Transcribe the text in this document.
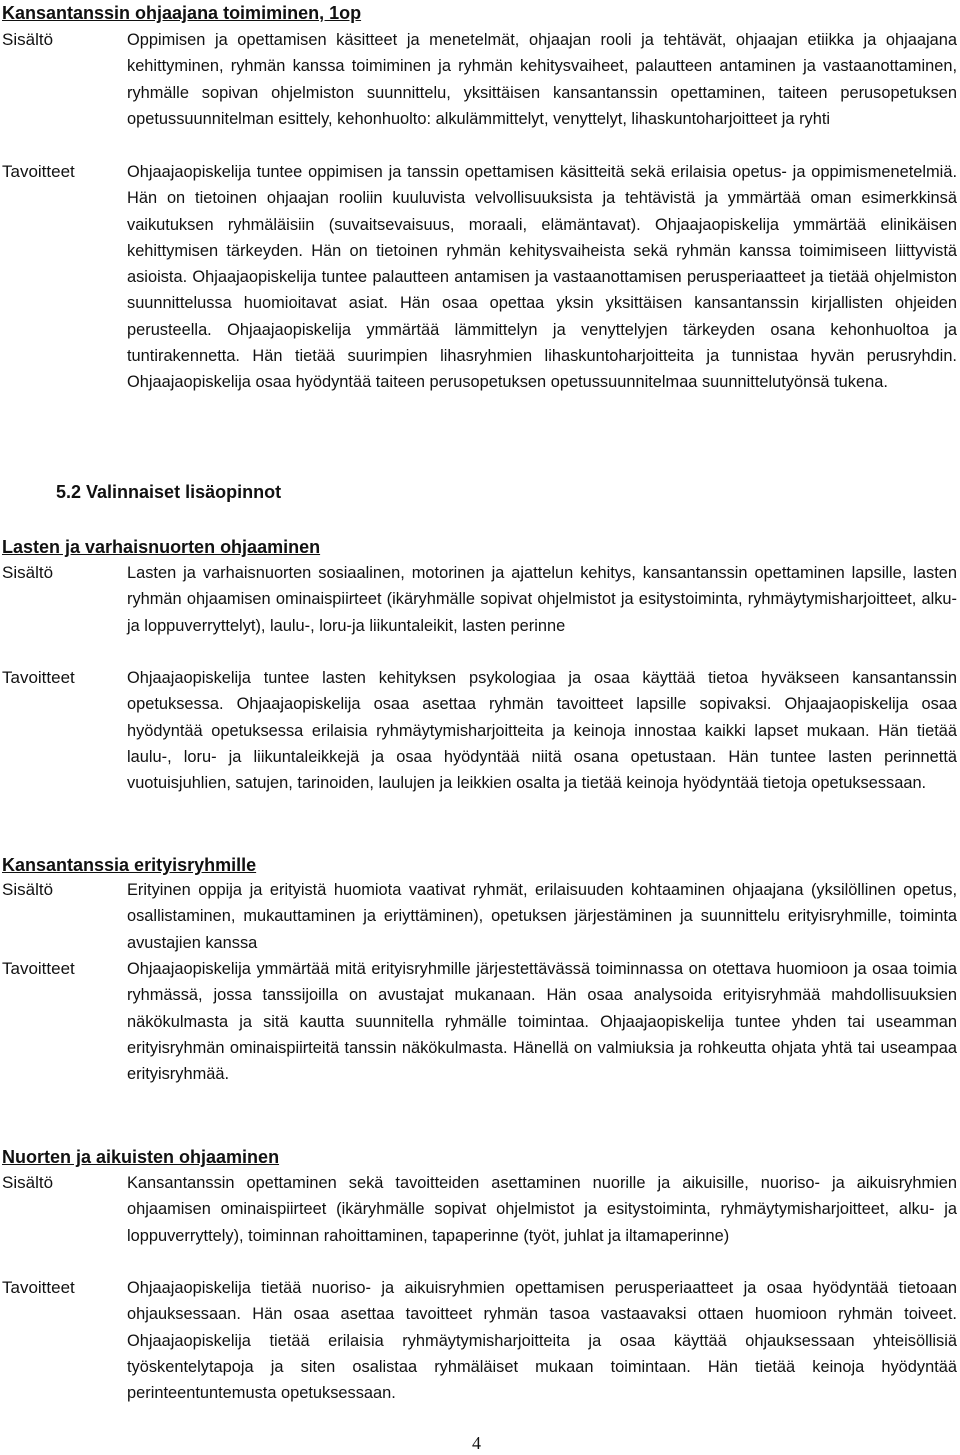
Kansantanssin ohjaajana toimiminen, 1op
Sisältö	Oppimisen ja opettamisen käsitteet ja menetelmät, ohjaajan rooli ja tehtävät, ohjaajan etiikka ja ohjaajana kehittyminen, ryhmän kanssa toimiminen ja ryhmän kehitysvaiheet, palautteen antaminen ja vastaanottaminen, ryhmälle sopivan ohjelmiston suunnittelu, yksittäisen kansantanssin opettaminen, taiteen perusopetuksen opetussuunnitelman esittely, kehonhuolto: alkulämmittelyt, venyttelyt, lihaskuntoharjoitteet ja ryhti
Tavoitteet	Ohjaajaopiskelija tuntee oppimisen ja tanssin opettamisen käsitteitä sekä erilaisia opetus- ja oppimismenetelmiä. Hän on tietoinen ohjaajan rooliin kuuluvista velvollisuuksista ja tehtävistä ja ymmärtää oman esimerkkinsä vaikutuksen ryhmäläisiin (suvaitsevaisuus, moraali, elämäntavat). Ohjaajaopiskelija ymmärtää elinikäisen kehittymisen tärkeyden. Hän on tietoinen ryhmän kehitysvaiheista sekä ryhmän kanssa toimimiseen liittyvistä asioista. Ohjaajaopiskelija tuntee palautteen antamisen ja vastaanottamisen perusperiaatteet ja tietää ohjelmiston suunnittelussa huomioitavat asiat. Hän osaa opettaa yksin yksittäisen kansantanssin kirjallisten ohjeiden perusteella. Ohjaajaopiskelija ymmärtää lämmittelyn ja venyttelyjen tärkeyden osana kehonhuoltoa ja tuntirakennetta. Hän tietää suurimpien lihasryhmien lihaskuntoharjoitteita ja tunnistaa hyvän perusryhdin. Ohjaajaopiskelija osaa hyödyntää taiteen perusopetuksen opetussuunnitelmaa suunnittelutyönsä tukena.
5.2 Valinnaiset lisäopinnot
Lasten ja varhaisnuorten ohjaaminen
Sisältö	Lasten ja varhaisnuorten sosiaalinen, motorinen ja ajattelun kehitys, kansantanssin opettaminen lapsille, lasten ryhmän ohjaamisen ominaispiirteet (ikäryhmälle sopivat ohjelmistot ja esitystoiminta, ryhmäytymisharjoitteet, alku- ja loppuverryttelyt), laulu-, loru-ja liikuntaleikit, lasten perinne
Tavoitteet	Ohjaajaopiskelija tuntee lasten kehityksen psykologiaa ja osaa käyttää tietoa hyväkseen kansantanssin opetuksessa. Ohjaajaopiskelija osaa asettaa ryhmän tavoitteet lapsille sopivaksi. Ohjaajaopiskelija osaa hyödyntää opetuksessa erilaisia ryhmäytymisharjoitteita ja keinoja innostaa kaikki lapset mukaan. Hän tietää laulu-, loru- ja liikuntaleikkejä ja osaa hyödyntää niitä osana opetustaan. Hän tuntee lasten perinnettä vuotuisjuhlien, satujen, tarinoiden, laulujen ja leikkien osalta ja tietää keinoja hyödyntää tietoja opetuksessaan.
Kansantanssia erityisryhmille
Sisältö	Erityinen oppija ja erityistä huomiota vaativat ryhmät, erilaisuuden kohtaaminen ohjaajana (yksilöllinen opetus, osallistaminen, mukauttaminen ja eriyttäminen), opetuksen järjestäminen ja suunnittelu erityisryhmille, toiminta avustajien kanssa
Tavoitteet	Ohjaajaopiskelija ymmärtää mitä erityisryhmille järjestettävässä toiminnassa on otettava huomioon ja osaa toimia ryhmässä, jossa tanssijoilla on avustajat mukanaan. Hän osaa analysoida erityisryhmää mahdollisuuksien näkökulmasta ja sitä kautta suunnitella ryhmälle toimintaa. Ohjaajaopiskelija tuntee yhden tai useamman erityisryhmän ominaispiirteitä tanssin näkökulmasta. Hänellä on valmiuksia ja rohkeutta ohjata yhtä tai useampaa erityisryhmää.
Nuorten ja aikuisten ohjaaminen
Sisältö	Kansantanssin opettaminen sekä tavoitteiden asettaminen nuorille ja aikuisille, nuoriso- ja aikuisryhmien ohjaamisen ominaispiirteet (ikäryhmälle sopivat ohjelmistot ja esitystoiminta, ryhmäytymisharjoitteet, alku- ja loppuverryttely), toiminnan rahoittaminen, tapaperinne (työt, juhlat ja iltamaperinne)
Tavoitteet	Ohjaajaopiskelija tietää nuoriso- ja aikuisryhmien opettamisen perusperiaatteet ja osaa hyödyntää tietoaan ohjauksessaan. Hän osaa asettaa tavoitteet ryhmän tasoa vastaavaksi ottaen huomioon ryhmän toiveet. Ohjaajaopiskelija tietää erilaisia ryhmäytymisharjoitteita ja osaa käyttää ohjauksessaan yhteisöllisiä työskentelytapoja ja siten osalistaa ryhmäläiset mukaan toimintaan. Hän tietää keinoja hyödyntää perinteentuntemusta opetuksessaan.
4
